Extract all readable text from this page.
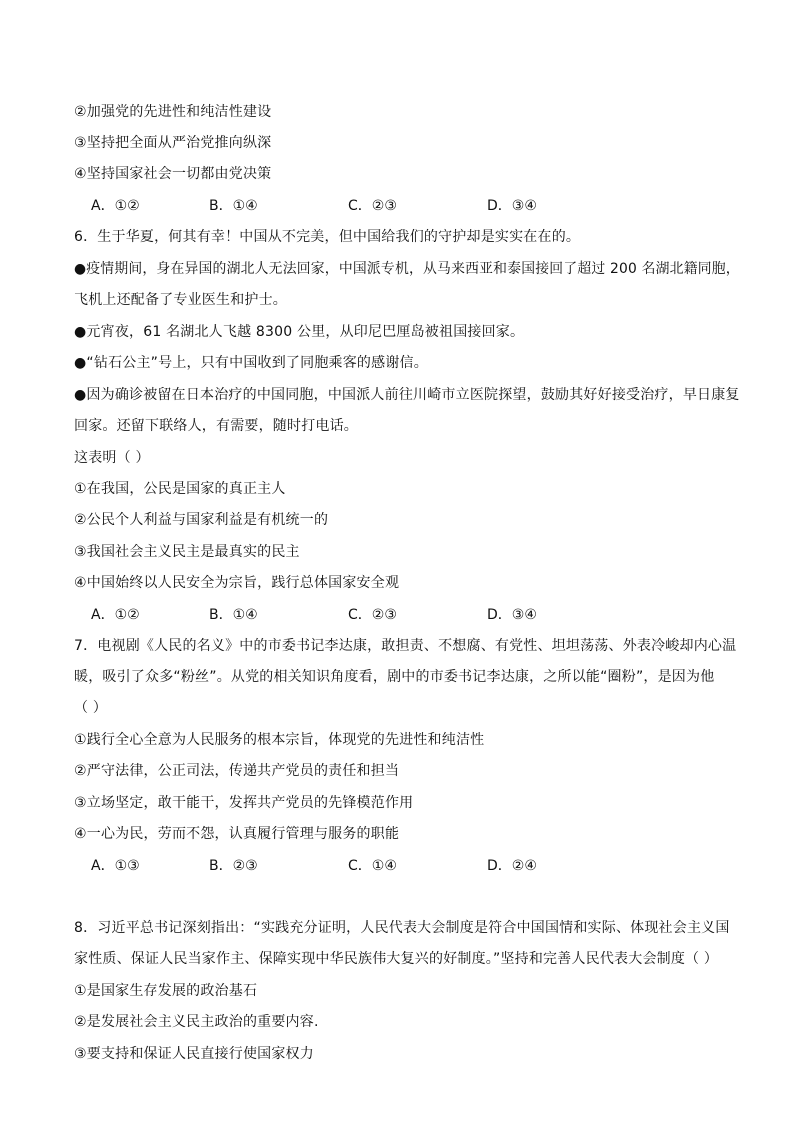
②加强党的先进性和纯洁性建设
③坚持把全面从严治党推向纵深
④坚持国家社会一切都由党决策
A．①②	B．①④	C．②③	D．③④
6．生于华夏，何其有幸！中国从不完美，但中国给我们的守护却是实实在在的。
●疫情期间，身在异国的湖北人无法回家，中国派专机，从马来西亚和泰国接回了超过 200 名湖北籍同胞，
飞机上还配备了专业医生和护士。
●元宵夜，61 名湖北人飞越 8300 公里，从印尼巴厘岛被祖国接回家。
●“钻石公主”号上，只有中国收到了同胞乘客的感谢信。
●因为确诊被留在日本治疗的中国同胞，中国派人前往川崎市立医院探望，鼓励其好好接受治疗，早日康复
回家。还留下联络人，有需要，随时打电话。
这表明（ ）
①在我国，公民是国家的真正主人
②公民个人利益与国家利益是有机统一的
③我国社会主义民主是最真实的民主
④中国始终以人民安全为宗旨，践行总体国家安全观
A．①②	B．①④	C．②③	D．③④
7．电视剧《人民的名义》中的市委书记李达康，敢担责、不想腐、有党性、坦坦荡荡、外表冷峻却内心温
暖，吸引了众多“粉丝”。从党的相关知识角度看，剧中的市委书记李达康，之所以能“圈粉”，是因为他
（ ）
①践行全心全意为人民服务的根本宗旨，体现党的先进性和纯洁性
②严守法律，公正司法，传递共产党员的责任和担当
③立场坚定，敢干能干，发挥共产党员的先锋模范作用
④一心为民，劳而不怨，认真履行管理与服务的职能
A．①③	B．②③	C．①④	D．②④
8．习近平总书记深刻指出：“实践充分证明，人民代表大会制度是符合中国国情和实际、体现社会主义国
家性质、保证人民当家作主、保障实现中华民族伟大复兴的好制度。”坚持和完善人民代表大会制度（ ）
①是国家生存发展的政治基石
②是发展社会主义民主政治的重要内容.
③要支持和保证人民直接行使国家权力
